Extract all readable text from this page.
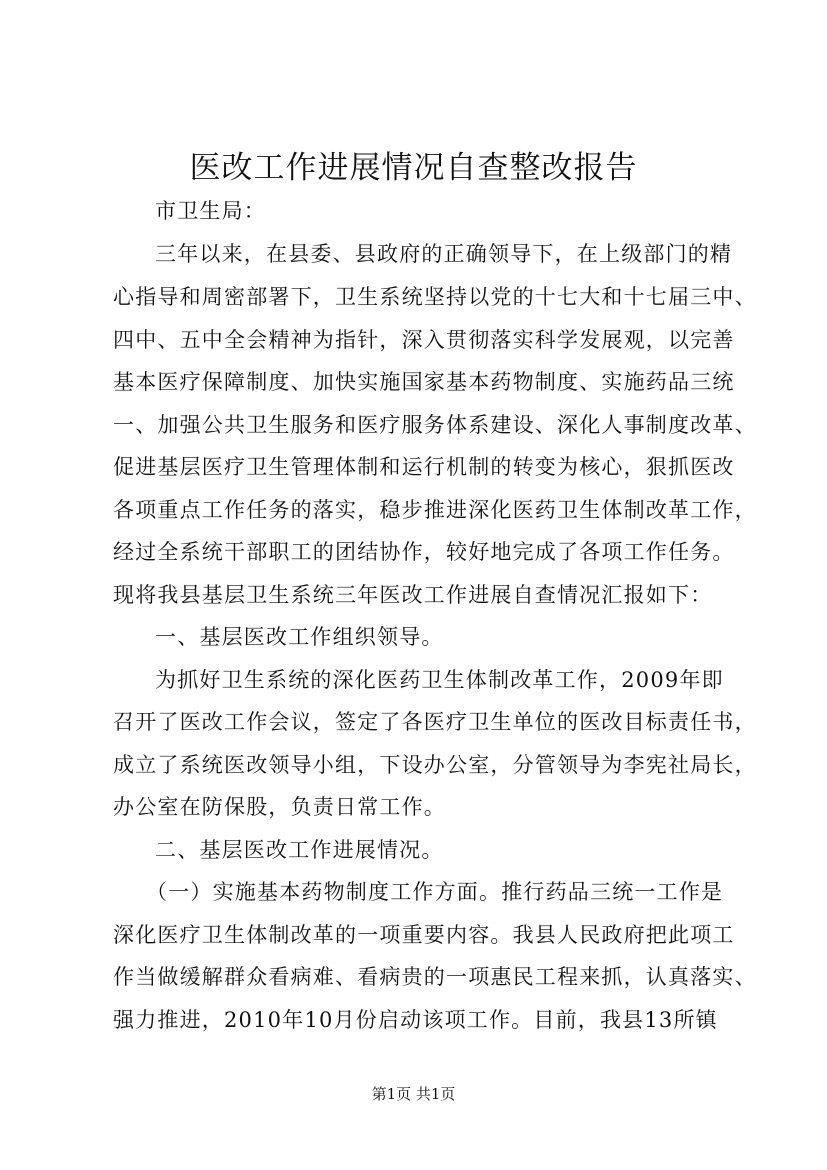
医改工作进展情况自查整改报告

市卫生局：

三年以来，在县委、县政府的正确领导下，在上级部门的精

心指导和周密部署下，卫生系统坚持以党的十七大和十七届三中、

四中、五中全会精神为指针，深入贯彻落实科学发展观，以完善

基本医疗保障制度、加快实施国家基本药物制度、实施药品三统

一、加强公共卫生服务和医疗服务体系建设、深化人事制度改革、

促进基层医疗卫生管理体制和运行机制的转变为核心，狠抓医改

各项重点工作任务的落实，稳步推进深化医药卫生体制改革工作，

经过全系统干部职工的团结协作，较好地完成了各项工作任务。

现将我县基层卫生系统三年医改工作进展自查情况汇报如下：

一、基层医改工作组织领导。

为抓好卫生系统的深化医药卫生体制改革工作，2009年即

召开了医改工作会议，签定了各医疗卫生单位的医改目标责任书，

成立了系统医改领导小组，下设办公室，分管领导为李宪社局长，

办公室在防保股，负责日常工作。

二、基层医改工作进展情况。

（一）实施基本药物制度工作方面。推行药品三统一工作是

深化医疗卫生体制改革的一项重要内容。我县人民政府把此项工

作当做缓解群众看病难、看病贵的一项惠民工程来抓，认真落实、

强力推进，2010年10月份启动该项工作。目前，我县13所镇

第1页 共1页
